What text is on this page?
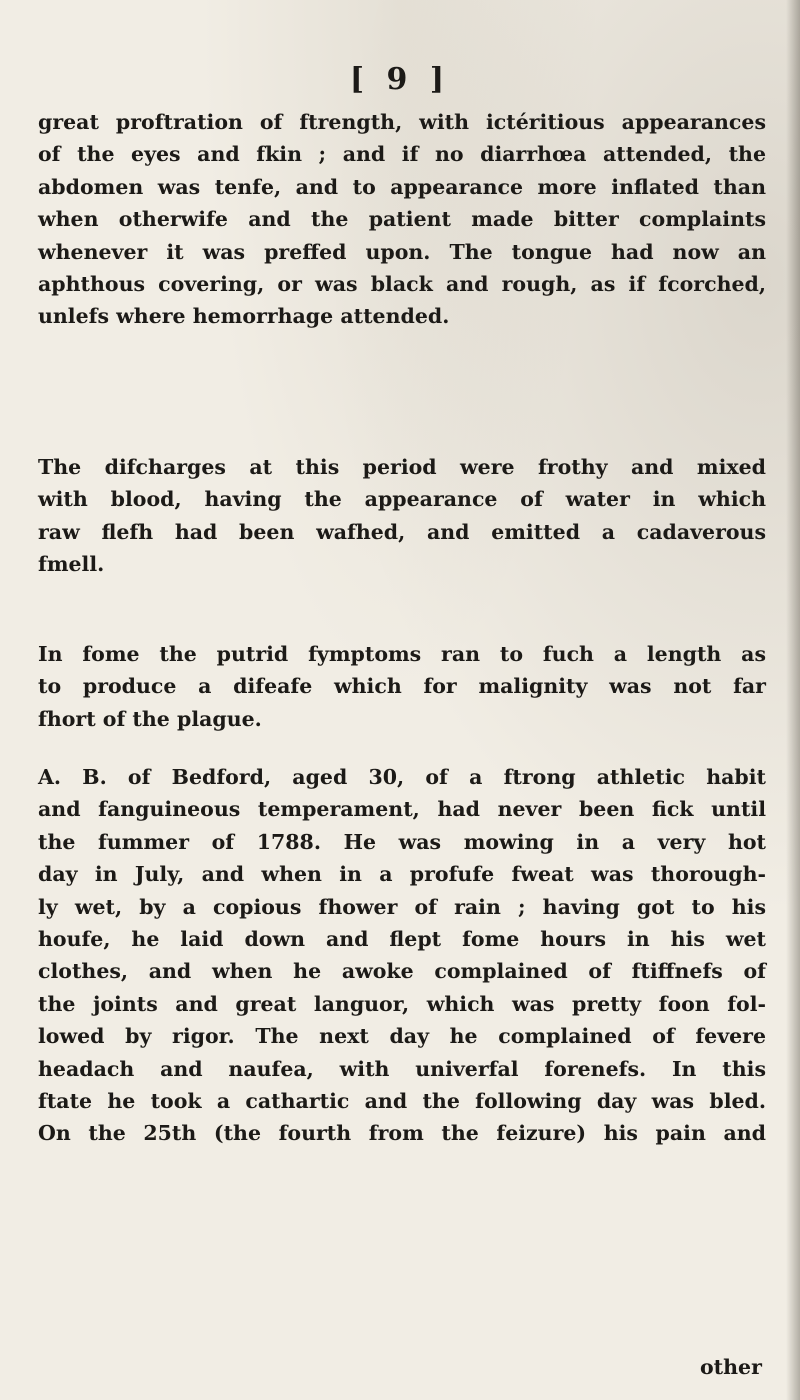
[ 9 ]

great proftration of ftrength, with ictéritious appearances
of the eyes and fkin ; and if no diarrhœa attended, the
abdomen was tenfe, and to appearance more inflated than
when otherwife and the patient made bitter complaints
whenever it was preffed upon. The tongue had now an
aphthous covering, or was black and rough, as if fcorched,
unlefs where hemorrhage attended.

The difcharges at this period were frothy and mixed
with blood, having the appearance of water in which
raw flefh had been wafhed, and emitted a cadaverous
fmell.

In fome the putrid fymptoms ran to fuch a length as
to produce a difeafe which for malignity was not far
fhort of the plague.

A. B. of Bedford, aged 30, of a ftrong athletic habit
and fanguineous temperament, had never been fick until
the fummer of 1788. He was mowing in a very hot
day in July, and when in a profufe fweat was thorough-
ly wet, by a copious fhower of rain ; having got to his
houfe, he laid down and flept fome hours in his wet
clothes, and when he awoke complained of ftiffnefs of
the joints and great languor, which was pretty foon fol-
lowed by rigor. The next day he complained of fevere
headach and naufea, with univerfal forenefs. In this
ftate he took a cathartic and the following day was bled.
On the 25th (the fourth from the feizure) his pain and

other
